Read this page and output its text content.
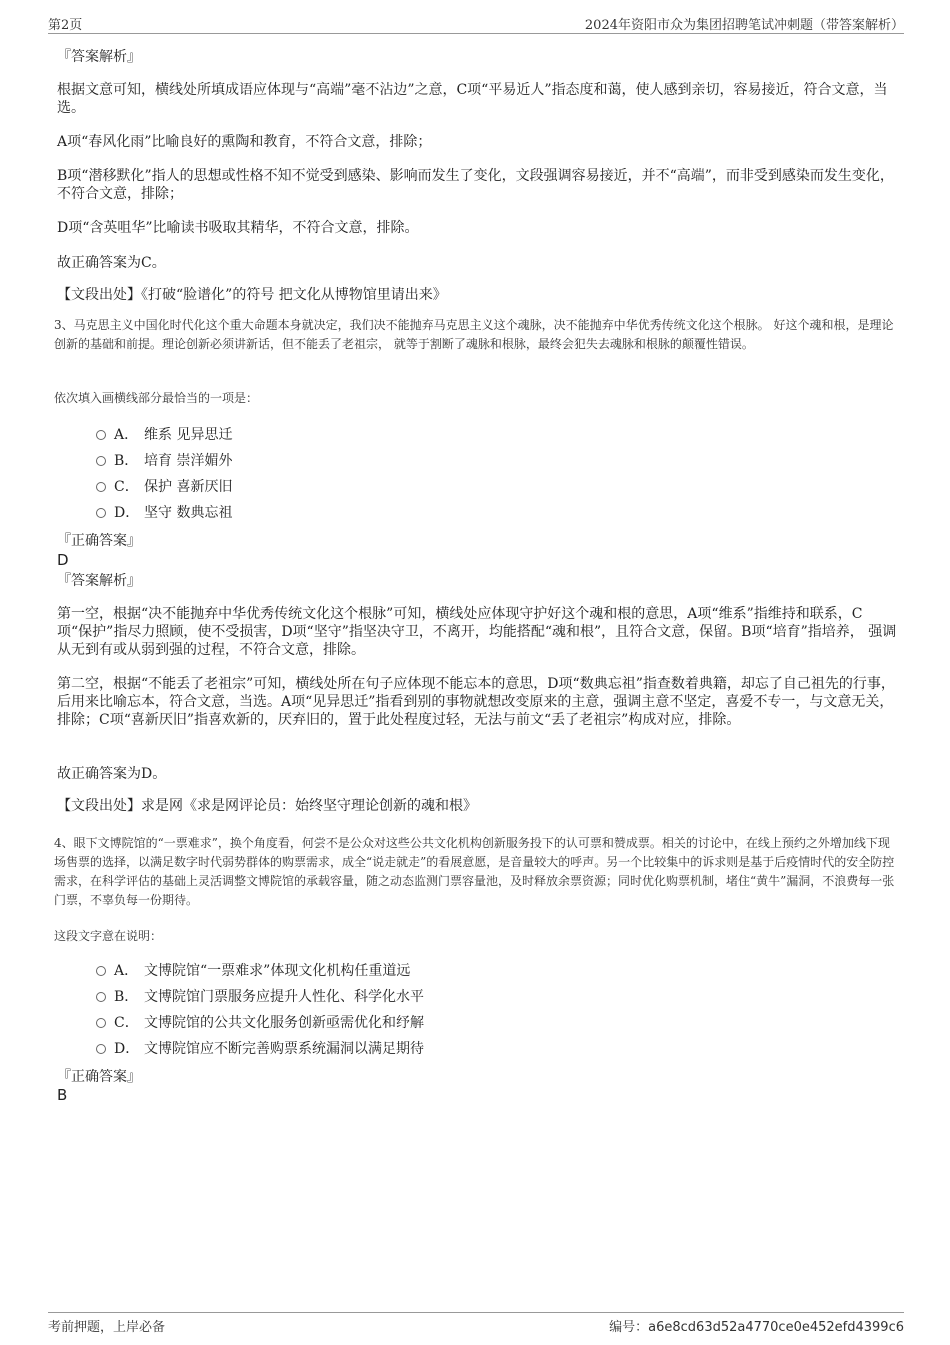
第2页	2024年资阳市众为集团招聘笔试冲刺题（带答案解析）
『答案解析』
根据文意可知，横线处所填成语应体现与“高端”毫不沾边”之意，C项“平易近人”指态度和蔼，使人感到亲切，容易接近，符合文意，当选。
A项“春风化雨”比喻良好的熏陶和教育，不符合文意，排除；
B项“潜移默化”指人的思想或性格不知不觉受到感染、影响而发生了变化，文段强调容易接近，并不“高端”，而非受到感染而发生变化，不符合文意，排除；
D项“含英咀华”比喻读书吸取其精华，不符合文意，排除。
故正确答案为C。
【文段出处】《打破“脸谱化”的符号 把文化从博物馆里请出来》
3、马克思主义中国化时代化这个重大命题本身就决定，我们决不能抛弃马克思主义这个魂脉，决不能抛弃中华优秀传统文化这个根脉。 好这个魂和根，是理论创新的基础和前提。理论创新必须讲新话，但不能丢了老祖宗， 就等于割断了魂脉和根脉，最终会犯失去魂脉和根脉的颠覆性错误。
依次填入画横线部分最恰当的一项是：
A． 维系 见异思迁
B． 培育 崇洋媚外
C． 保护 喜新厌旧
D． 坚守 数典忘祖
『正确答案』
D
『答案解析』
第一空，根据“决不能抛弃中华优秀传统文化这个根脉”可知，横线处应体现守护好这个魂和根的意思，A项“维系”指维持和联系，C项“保护”指尽力照顾，使不受损害，D项“坚守”指坚决守卫，不离开，均能搭配“魂和根”，且符合文意，保留。B项“培育”指培养， 强调从无到有或从弱到强的过程，不符合文意，排除。
第二空，根据“不能丢了老祖宗”可知，横线处所在句子应体现不能忘本的意思，D项“数典忘祖”指查数着典籍，却忘了自己祖先的行事， 后用来比喻忘本，符合文意，当选。A项“见异思迁”指看到别的事物就想改变原来的主意，强调主意不坚定，喜爱不专一，与文意无关，排除；C项“喜新厌旧”指喜欢新的，厌弃旧的，置于此处程度过轻，无法与前文“丢了老祖宗”构成对应，排除。
故正确答案为D。
【文段出处】求是网《求是网评论员：始终坚守理论创新的魂和根》
4、眼下文博院馆的“一票难求”，换个角度看，何尝不是公众对这些公共文化机构创新服务投下的认可票和赞成票。相关的讨论中，在线上预约之外增加线下现场售票的选择，以满足数字时代弱势群体的购票需求，成全“说走就走”的看展意愿，是音量较大的呼声。另一个比较集中的诉求则是基于后疫情时代的安全防控需求，在科学评估的基础上灵活调整文博院馆的承载容量，随之动态监测门票容量池，及时释放余票资源；同时优化购票机制，堵住“黄牛”漏洞，不浪费每一张门票，不辜负每一份期待。
这段文字意在说明：
A． 文博院馆“一票难求”体现文化机构任重道远
B． 文博院馆门票服务应提升人性化、科学化水平
C． 文博院馆的公共文化服务创新亟需优化和纾解
D． 文博院馆应不断完善购票系统漏洞以满足期待
『正确答案』
B
考前押题，上岸必备	编号：a6e8cd63d52a4770ce0e452efd4399c6
